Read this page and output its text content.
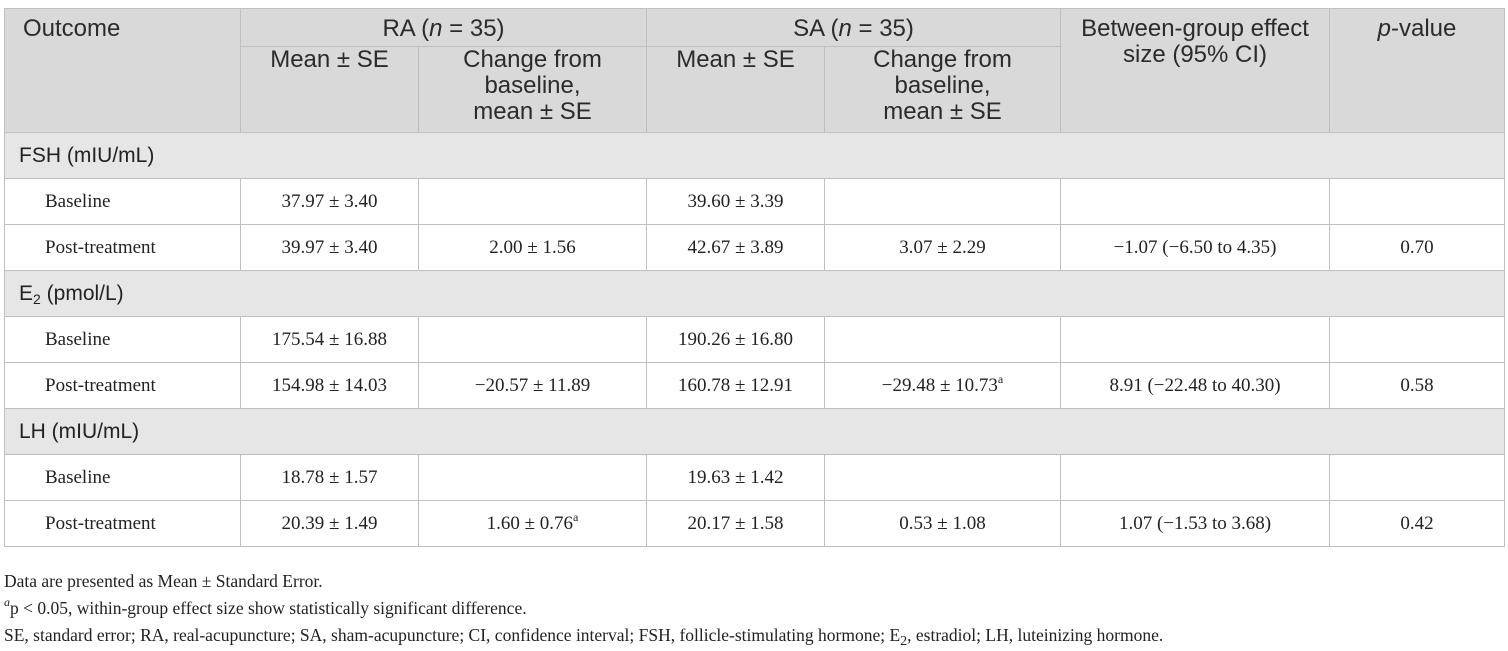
Outcome	RA (n = 35)		SA (n = 35)		Between-group effect size (95% CI)	p-value
	Mean ± SE	Change from
baseline,
mean ± SE	Mean ± SE	Change from
baseline,
mean ± SE		
FSH (mIU/mL)						
Baseline	37.97 ± 3.40		39.60 ± 3.39			
Post-treatment	39.97 ± 3.40	2.00 ± 1.56	42.67 ± 3.89	3.07 ± 2.29	−1.07 (−6.50 to 4.35)	0.70
$E_2$ (pmol/L)						
Baseline	175.54 ± 16.88		190.26 ± 16.80			
Post-treatment	154.98 ± 14.03	−20.57 ± 11.89	160.78 ± 12.91	−29.48 ± 10.73$^a$	8.91 (−22.48 to 40.30)	0.58
LH (mIU/mL)						
Baseline	18.78 ± 1.57		19.63 ± 1.42			
Post-treatment	20.39 ± 1.49	1.60 ± 0.76$^a$	20.17 ± 1.58	0.53 ± 1.08	1.07 (−1.53 to 3.68)	0.42

Data are presented as Mean ± Standard Error.

$^a$p < 0.05, within-group effect size show statistically significant difference.

SE, standard error; RA, real-acupuncture; SA, sham-acupuncture; CI, confidence interval; FSH, follicle-stimulating hormone; $E_2$, estradiol; LH, luteinizing hormone.
